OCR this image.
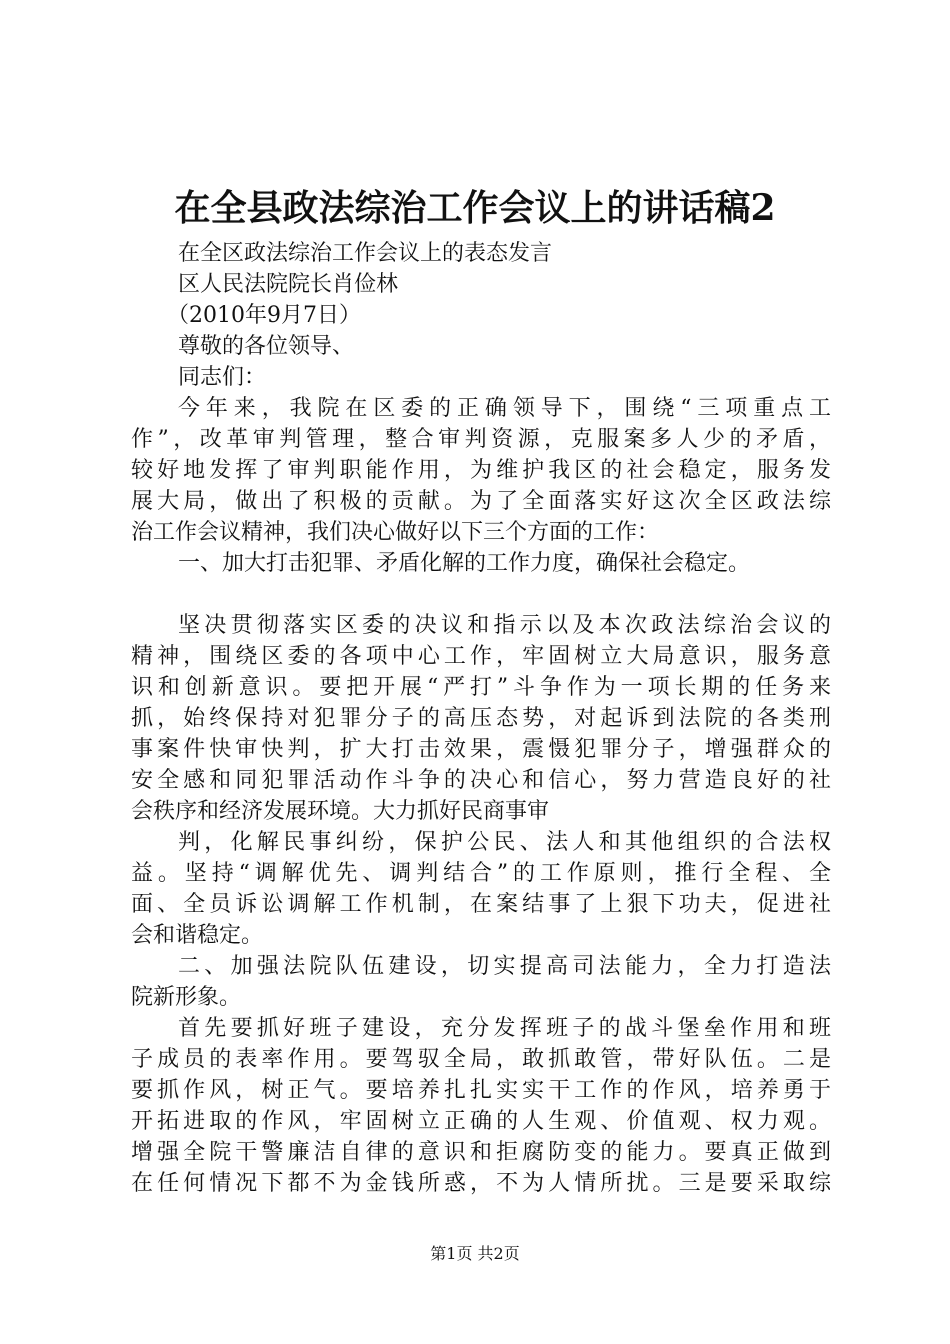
在全县政法综治工作会议上的讲话稿2
在全区政法综治工作会议上的表态发言
区人民法院院长肖俭林
（2010年9月7日）
尊敬的各位领导、
同志们：
今年来，我院在区委的正确领导下，围绕“三项重点工
作”，改革审判管理，整合审判资源，克服案多人少的矛盾，
较好地发挥了审判职能作用，为维护我区的社会稳定，服务发
展大局，做出了积极的贡献。为了全面落实好这次全区政法综
治工作会议精神，我们决心做好以下三个方面的工作：
一、加大打击犯罪、矛盾化解的工作力度，确保社会稳定。
坚决贯彻落实区委的决议和指示以及本次政法综治会议的
精神，围绕区委的各项中心工作，牢固树立大局意识，服务意
识和创新意识。要把开展“严打”斗争作为一项长期的任务来
抓，始终保持对犯罪分子的高压态势，对起诉到法院的各类刑
事案件快审快判，扩大打击效果，震慑犯罪分子，增强群众的
安全感和同犯罪活动作斗争的决心和信心，努力营造良好的社
会秩序和经济发展环境。大力抓好民商事审
判，化解民事纠纷，保护公民、法人和其他组织的合法权
益。坚持“调解优先、调判结合”的工作原则，推行全程、全
面、全员诉讼调解工作机制，在案结事了上狠下功夫，促进社
会和谐稳定。
二、加强法院队伍建设，切实提高司法能力，全力打造法
院新形象。
首先要抓好班子建设，充分发挥班子的战斗堡垒作用和班
子成员的表率作用。要驾驭全局，敢抓敢管，带好队伍。二是
要抓作风，树正气。要培养扎扎实实干工作的作风，培养勇于
开拓进取的作风，牢固树立正确的人生观、价值观、权力观。
增强全院干警廉洁自律的意识和拒腐防变的能力。要真正做到
在任何情况下都不为金钱所惑，不为人情所扰。三是要采取综
第1页 共2页
